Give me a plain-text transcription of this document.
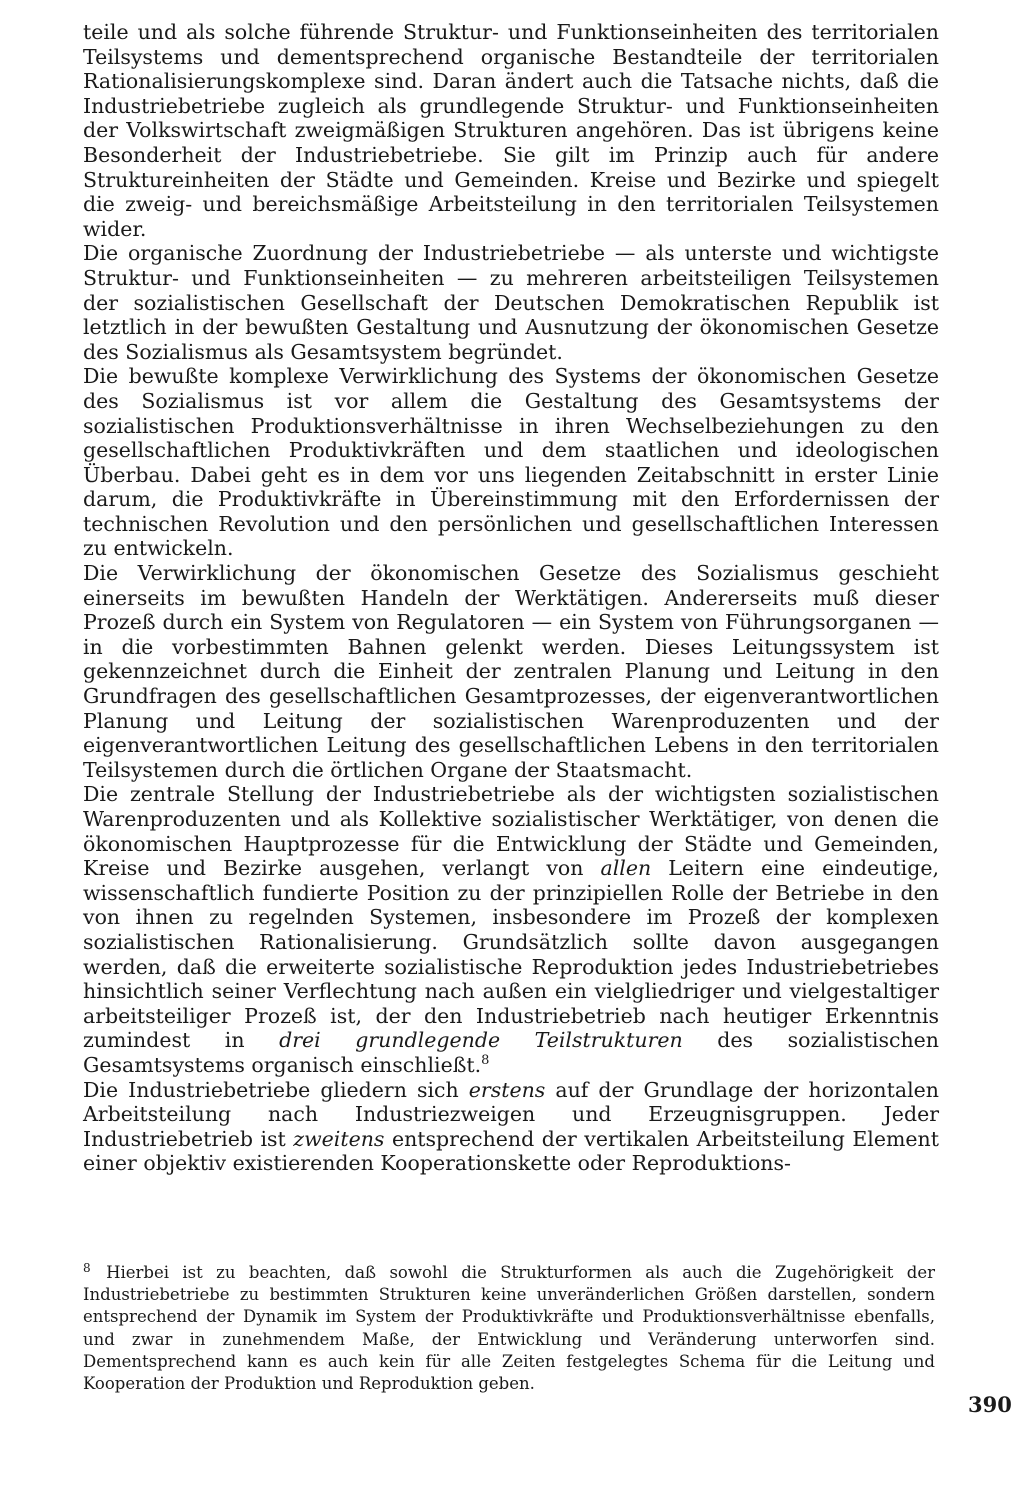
teile und als solche führende Struktur- und Funktionseinheiten des territorialen Teilsystems und dementsprechend organische Bestandteile der territorialen Rationalisierungskomplexe sind. Daran ändert auch die Tatsache nichts, daß die Industriebetriebe zugleich als grundlegende Struktur- und Funktionseinheiten der Volkswirtschaft zweigmäßigen Strukturen angehören. Das ist übrigens keine Besonderheit der Industriebetriebe. Sie gilt im Prinzip auch für andere Struktureinheiten der Städte und Gemeinden. Kreise und Bezirke und spiegelt die zweig- und bereichsmäßige Arbeitsteilung in den territorialen Teilsystemen wider.

Die organische Zuordnung der Industriebetriebe — als unterste und wichtigste Struktur- und Funktionseinheiten — zu mehreren arbeitsteiligen Teilsystemen der sozialistischen Gesellschaft der Deutschen Demokratischen Republik ist letztlich in der bewußten Gestaltung und Ausnutzung der ökonomischen Gesetze des Sozialismus als Gesamtsystem begründet.

Die bewußte komplexe Verwirklichung des Systems der ökonomischen Gesetze des Sozialismus ist vor allem die Gestaltung des Gesamtsystems der sozialistischen Produktionsverhältnisse in ihren Wechselbeziehungen zu den gesellschaftlichen Produktivkräften und dem staatlichen und ideologischen Überbau. Dabei geht es in dem vor uns liegenden Zeitabschnitt in erster Linie darum, die Produktivkräfte in Übereinstimmung mit den Erfordernissen der technischen Revolution und den persönlichen und gesellschaftlichen Interessen zu entwickeln.

Die Verwirklichung der ökonomischen Gesetze des Sozialismus geschieht einerseits im bewußten Handeln der Werktätigen. Andererseits muß dieser Prozeß durch ein System von Regulatoren — ein System von Führungsorganen — in die vorbestimmten Bahnen gelenkt werden. Dieses Leitungssystem ist gekennzeichnet durch die Einheit der zentralen Planung und Leitung in den Grundfragen des gesellschaftlichen Gesamtprozesses, der eigenverantwortlichen Planung und Leitung der sozialistischen Warenproduzenten und der eigenverantwortlichen Leitung des gesellschaftlichen Lebens in den territorialen Teilsystemen durch die örtlichen Organe der Staatsmacht.

Die zentrale Stellung der Industriebetriebe als der wichtigsten sozialistischen Warenproduzenten und als Kollektive sozialistischer Werktätiger, von denen die ökonomischen Hauptprozesse für die Entwicklung der Städte und Gemeinden, Kreise und Bezirke ausgehen, verlangt von allen Leitern eine eindeutige, wissenschaftlich fundierte Position zu der prinzipiellen Rolle der Betriebe in den von ihnen zu regelnden Systemen, insbesondere im Prozeß der komplexen sozialistischen Rationalisierung. Grundsätzlich sollte davon ausgegangen werden, daß die erweiterte sozialistische Reproduktion jedes Industriebetriebes hinsichtlich seiner Verflechtung nach außen ein vielgliedriger und vielgestaltiger arbeitsteiliger Prozeß ist, der den Industriebetrieb nach heutiger Erkenntnis zumindest in drei grundlegende Teilstrukturen des sozialistischen Gesamtsystems organisch einschließt.$^8$

Die Industriebetriebe gliedern sich erstens auf der Grundlage der horizontalen Arbeitsteilung nach Industriezweigen und Erzeugnisgruppen. Jeder Industriebetrieb ist zweitens entsprechend der vertikalen Arbeitsteilung Element einer objektiv existierenden Kooperationskette oder Reproduktions-

$^8$ Hierbei ist zu beachten, daß sowohl die Strukturformen als auch die Zugehörigkeit der Industriebetriebe zu bestimmten Strukturen keine unveränderlichen Größen darstellen, sondern entsprechend der Dynamik im System der Produktivkräfte und Produktionsverhältnisse ebenfalls, und zwar in zunehmendem Maße, der Entwicklung und Veränderung unterworfen sind. Dementsprechend kann es auch kein für alle Zeiten festgelegtes Schema für die Leitung und Kooperation der Produktion und Reproduktion geben.

390
